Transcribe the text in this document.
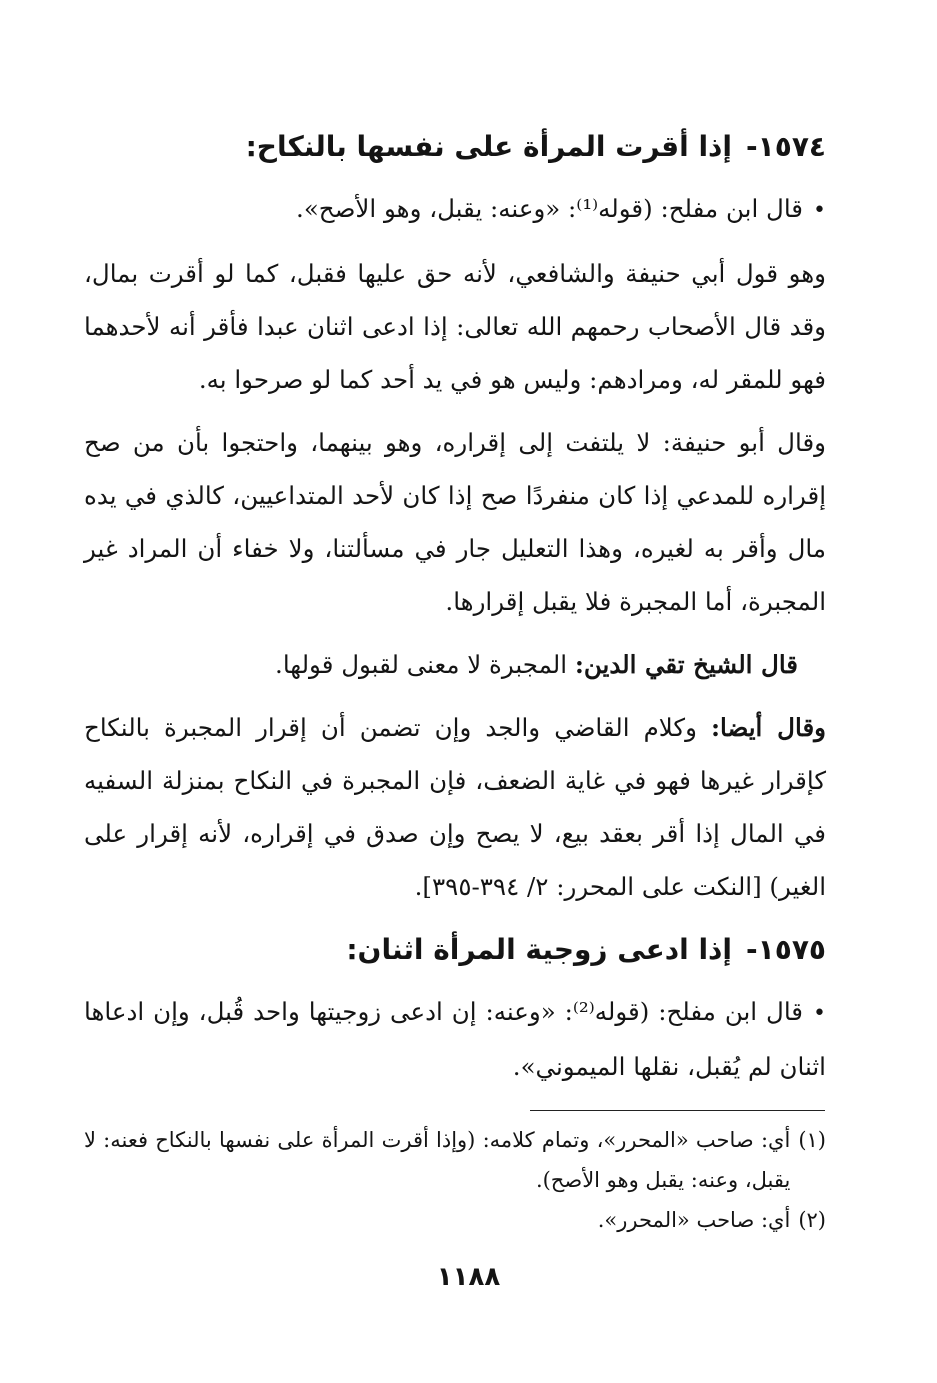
١٥٧٤-إذا أقرت المرأة على نفسها بالنكاح:

•قال ابن مفلح: (قوله⁽¹⁾: «وعنه: يقبل، وهو الأصح».

وهو قول أبي حنيفة والشافعي، لأنه حق عليها فقبل، كما لو أقرت بمال، وقد قال الأصحاب رحمهم الله تعالى: إذا ادعى اثنان عبدا فأقر أنه لأحدهما فهو للمقر له، ومرادهم: وليس هو في يد أحد كما لو صرحوا به.

وقال أبو حنيفة: لا يلتفت إلى إقراره، وهو بينهما، واحتجوا بأن من صح إقراره للمدعي إذا كان منفردًا صح إذا كان لأحد المتداعيين، كالذي في يده مال وأقر به لغيره، وهذا التعليل جار في مسألتنا، ولا خفاء أن المراد غير المجبرة، أما المجبرة فلا يقبل إقرارها.

قال الشيخ تقي الدين: المجبرة لا معنى لقبول قولها.

وقال أيضا: وكلام القاضي والجد وإن تضمن أن إقرار المجبرة بالنكاح كإقرار غيرها فهو في غاية الضعف، فإن المجبرة في النكاح بمنزلة السفيه في المال إذا أقر بعقد بيع، لا يصح وإن صدق في إقراره، لأنه إقرار على الغير) [النكت على المحرر: ٢/ ٣٩٤-٣٩٥].

١٥٧٥-إذا ادعى زوجية المرأة اثنان:

•قال ابن مفلح: (قوله⁽²⁾: «وعنه: إن ادعى زوجيتها واحد قُبل، وإن ادعاها اثنان لم يُقبل، نقلها الميموني».

(١)
أي: صاحب «المحرر»، وتمام كلامه: (وإذا أقرت المرأة على نفسها بالنكاح فعنه: لا يقبل، وعنه: يقبل وهو الأصح).
(٢)
أي: صاحب «المحرر».
١١٨٨
